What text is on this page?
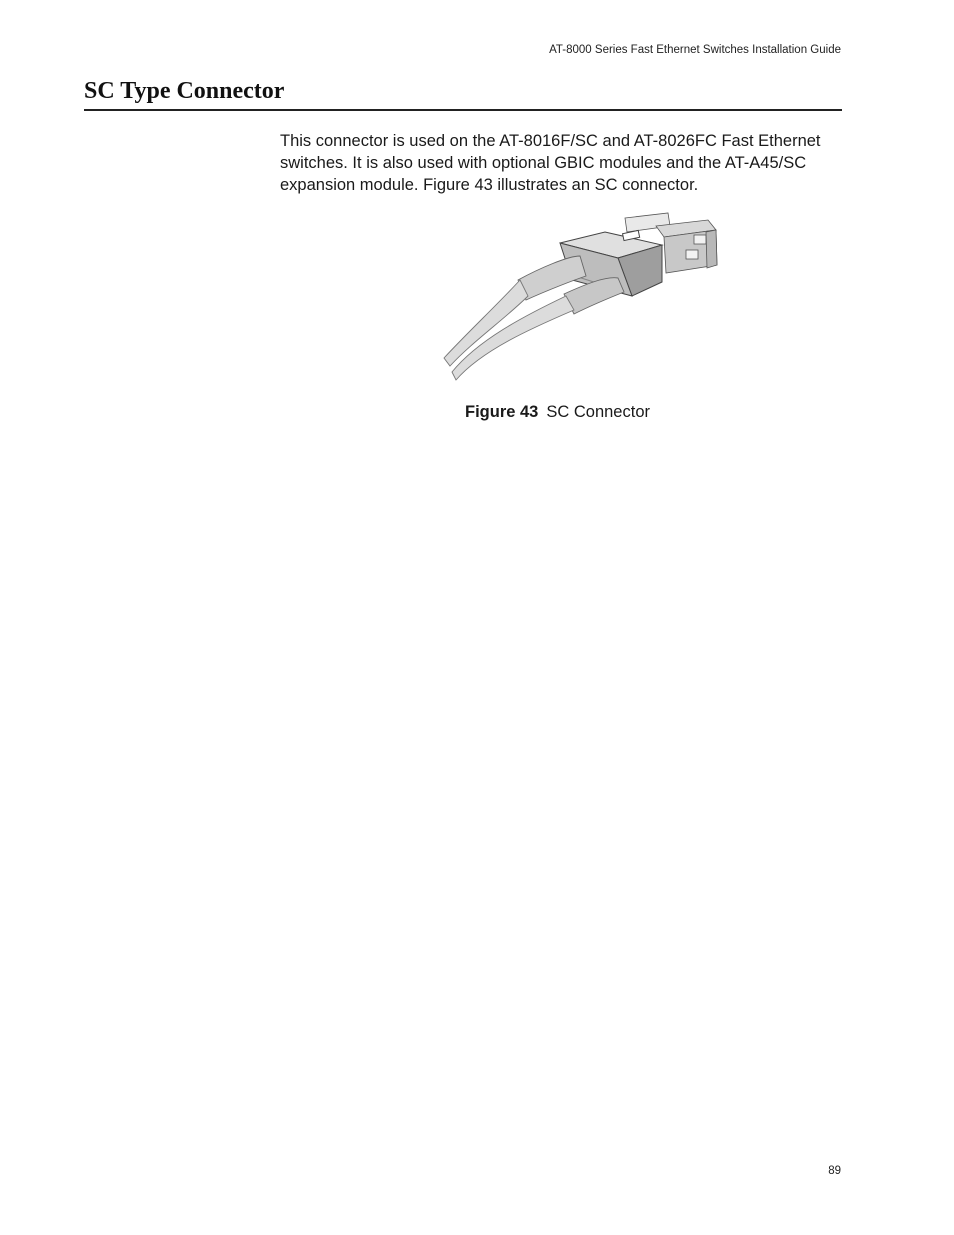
AT-8000 Series Fast Ethernet Switches Installation Guide
SC Type Connector

This connector is used on the AT-8016F/SC and AT-8026FC Fast Ethernet switches. It is also used with optional GBIC modules and the AT-A45/SC expansion module. Figure 43 illustrates an SC connector.

Figure 43 SC Connector

89
